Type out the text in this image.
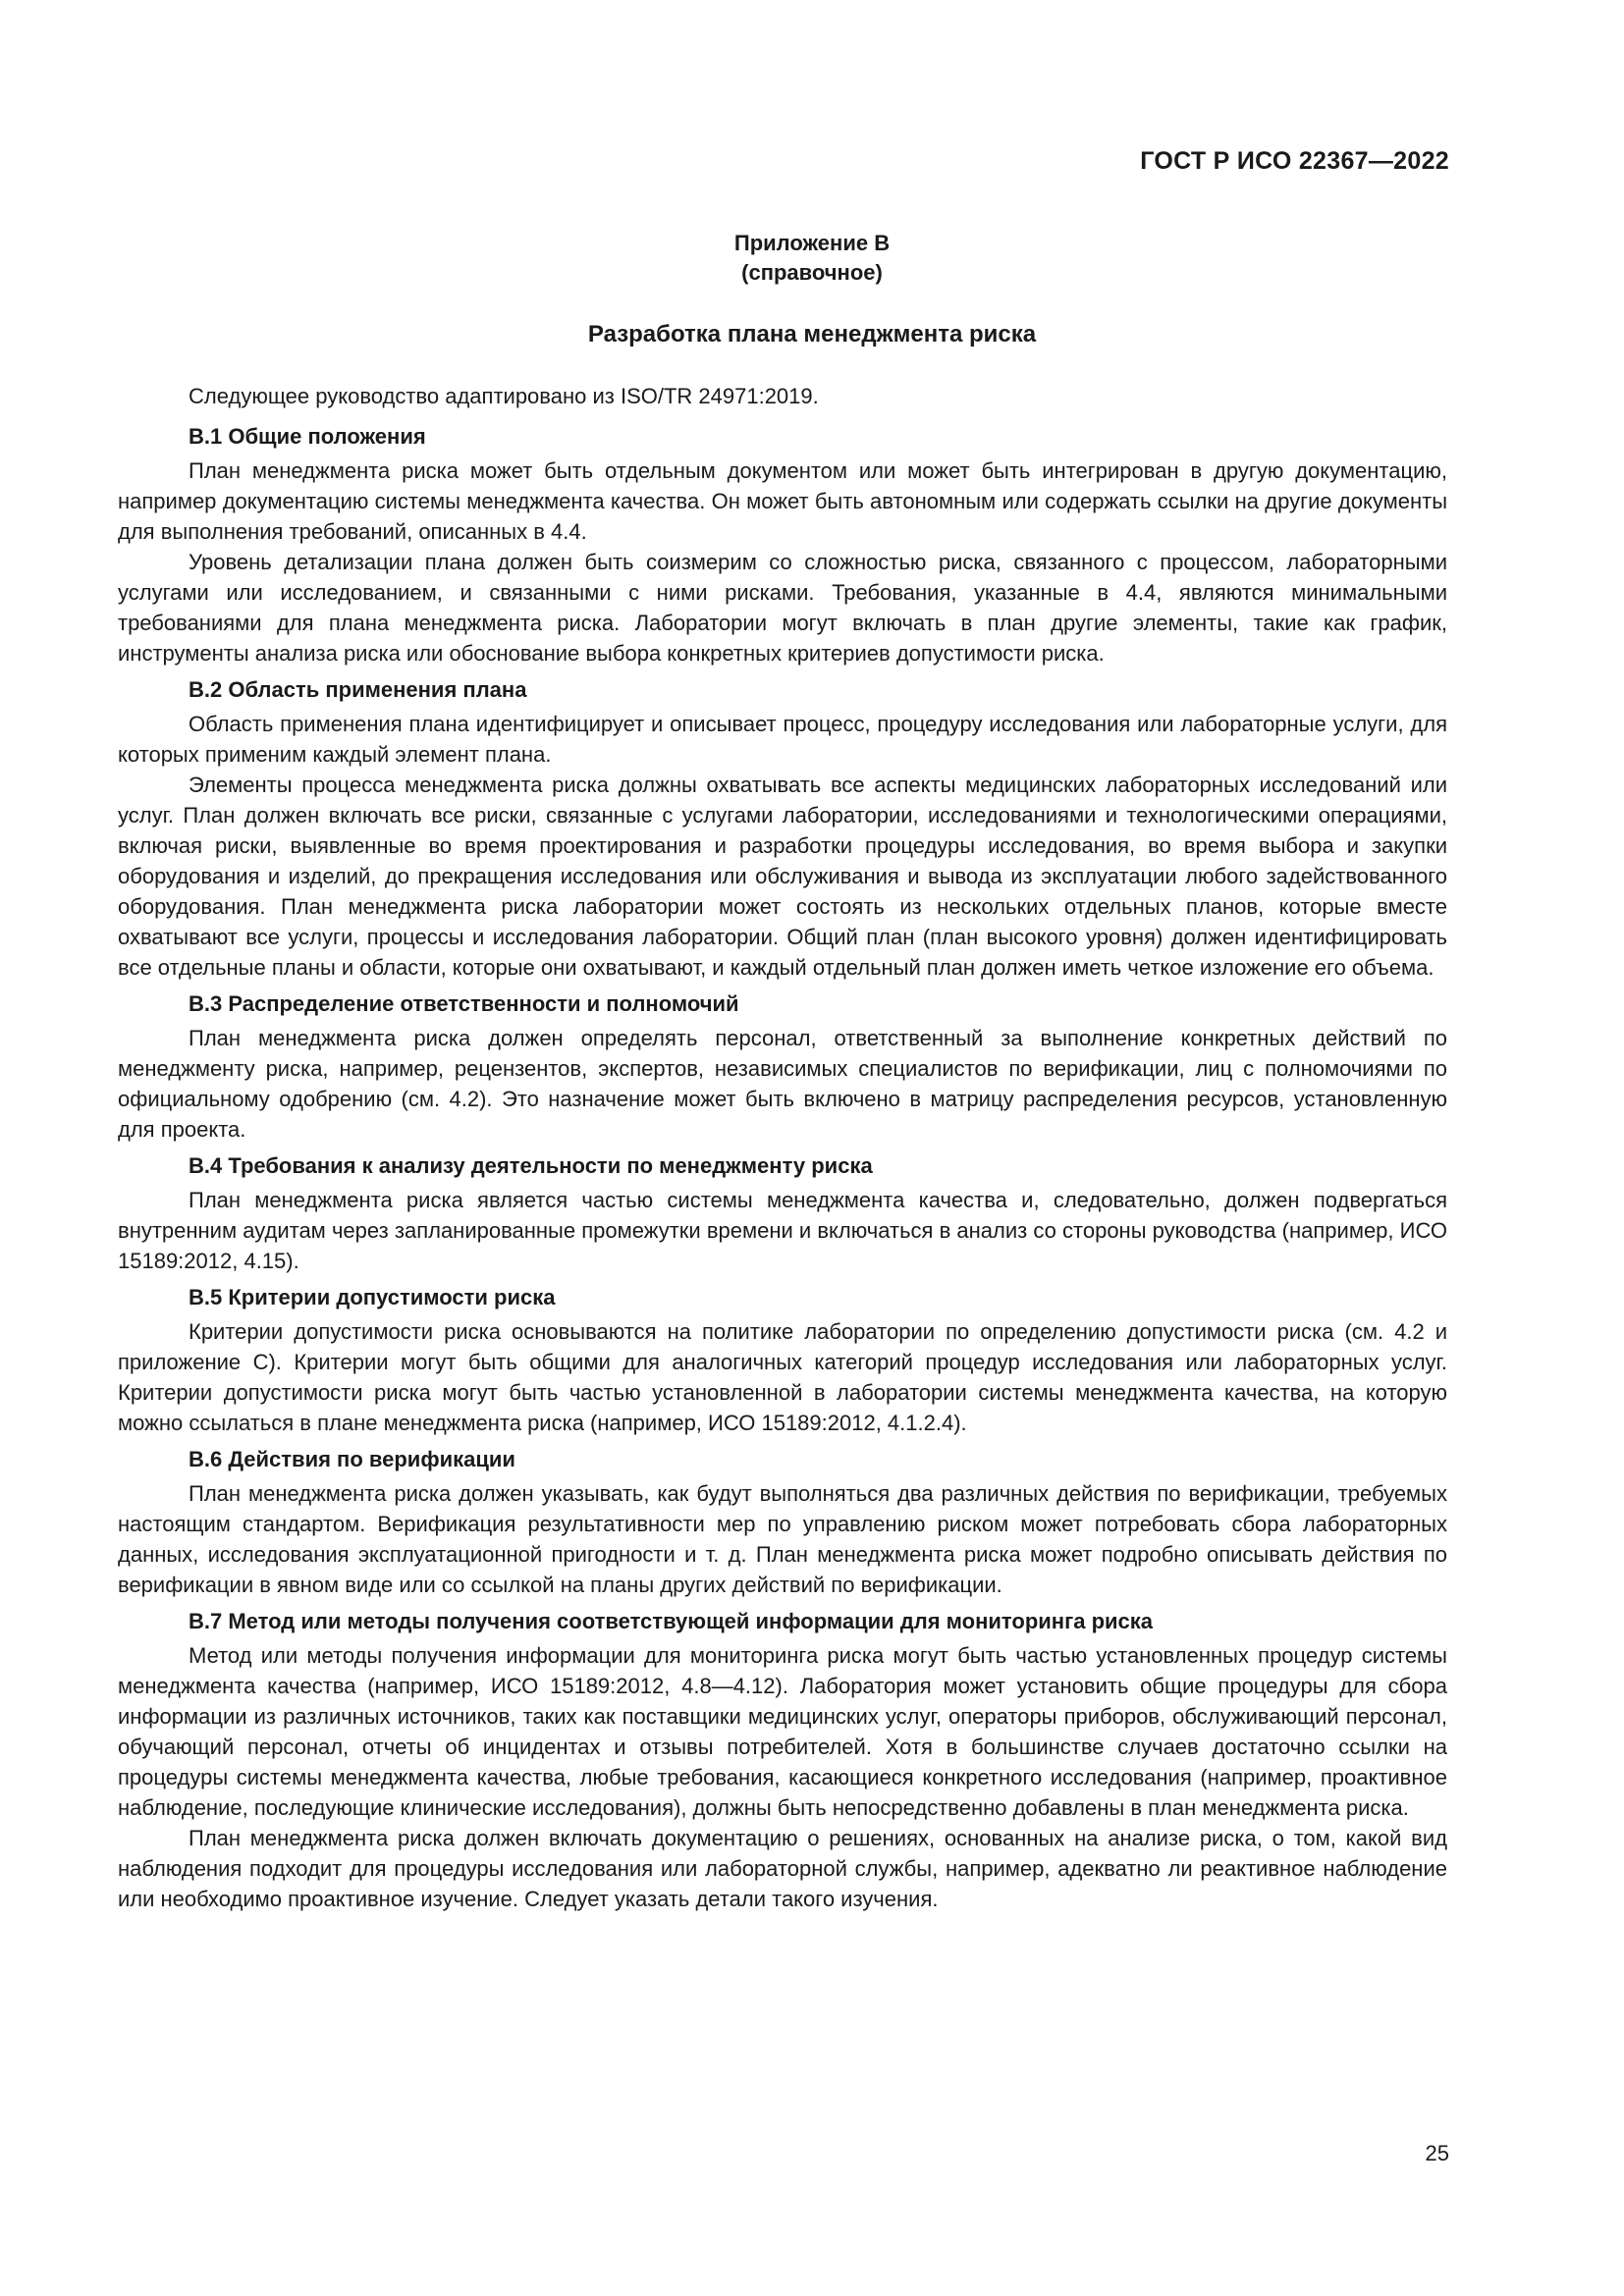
ГОСТ Р ИСО 22367—2022
Приложение В
(справочное)
Разработка плана менеджмента риска

Следующее руководство адаптировано из ISO/TR 24971:2019.

В.1 Общие положения

План менеджмента риска может быть отдельным документом или может быть интегрирован в другую документацию, например документацию системы менеджмента качества. Он может быть автономным или содержать ссылки на другие документы для выполнения требований, описанных в 4.4.

Уровень детализации плана должен быть соизмерим со сложностью риска, связанного с процессом, лабораторными услугами или исследованием, и связанными с ними рисками. Требования, указанные в 4.4, являются минимальными требованиями для плана менеджмента риска. Лаборатории могут включать в план другие элементы, такие как график, инструменты анализа риска или обоснование выбора конкретных критериев допустимости риска.

В.2 Область применения плана

Область применения плана идентифицирует и описывает процесс, процедуру исследования или лабораторные услуги, для которых применим каждый элемент плана.

Элементы процесса менеджмента риска должны охватывать все аспекты медицинских лабораторных исследований или услуг. План должен включать все риски, связанные с услугами лаборатории, исследованиями и технологическими операциями, включая риски, выявленные во время проектирования и разработки процедуры исследования, во время выбора и закупки оборудования и изделий, до прекращения исследования или обслуживания и вывода из эксплуатации любого задействованного оборудования. План менеджмента риска лаборатории может состоять из нескольких отдельных планов, которые вместе охватывают все услуги, процессы и исследования лаборатории. Общий план (план высокого уровня) должен идентифицировать все отдельные планы и области, которые они охватывают, и каждый отдельный план должен иметь четкое изложение его объема.

В.3 Распределение ответственности и полномочий

План менеджмента риска должен определять персонал, ответственный за выполнение конкретных действий по менеджменту риска, например, рецензентов, экспертов, независимых специалистов по верификации, лиц с полномочиями по официальному одобрению (см. 4.2). Это назначение может быть включено в матрицу распределения ресурсов, установленную для проекта.

В.4 Требования к анализу деятельности по менеджменту риска

План менеджмента риска является частью системы менеджмента качества и, следовательно, должен подвергаться внутренним аудитам через запланированные промежутки времени и включаться в анализ со стороны руководства (например, ИСО 15189:2012, 4.15).

В.5 Критерии допустимости риска

Критерии допустимости риска основываются на политике лаборатории по определению допустимости риска (см. 4.2 и приложение С). Критерии могут быть общими для аналогичных категорий процедур исследования или лабораторных услуг. Критерии допустимости риска могут быть частью установленной в лаборатории системы менеджмента качества, на которую можно ссылаться в плане менеджмента риска (например, ИСО 15189:2012, 4.1.2.4).

В.6 Действия по верификации

План менеджмента риска должен указывать, как будут выполняться два различных действия по верификации, требуемых настоящим стандартом. Верификация результативности мер по управлению риском может потребовать сбора лабораторных данных, исследования эксплуатационной пригодности и т. д. План менеджмента риска может подробно описывать действия по верификации в явном виде или со ссылкой на планы других действий по верификации.

В.7 Метод или методы получения соответствующей информации для мониторинга риска

Метод или методы получения информации для мониторинга риска могут быть частью установленных процедур системы менеджмента качества (например, ИСО 15189:2012, 4.8—4.12). Лаборатория может установить общие процедуры для сбора информации из различных источников, таких как поставщики медицинских услуг, операторы приборов, обслуживающий персонал, обучающий персонал, отчеты об инцидентах и отзывы потребителей. Хотя в большинстве случаев достаточно ссылки на процедуры системы менеджмента качества, любые требования, касающиеся конкретного исследования (например, проактивное наблюдение, последующие клинические исследования), должны быть непосредственно добавлены в план менеджмента риска.

План менеджмента риска должен включать документацию о решениях, основанных на анализе риска, о том, какой вид наблюдения подходит для процедуры исследования или лабораторной службы, например, адекватно ли реактивное наблюдение или необходимо проактивное изучение. Следует указать детали такого изучения.

25
